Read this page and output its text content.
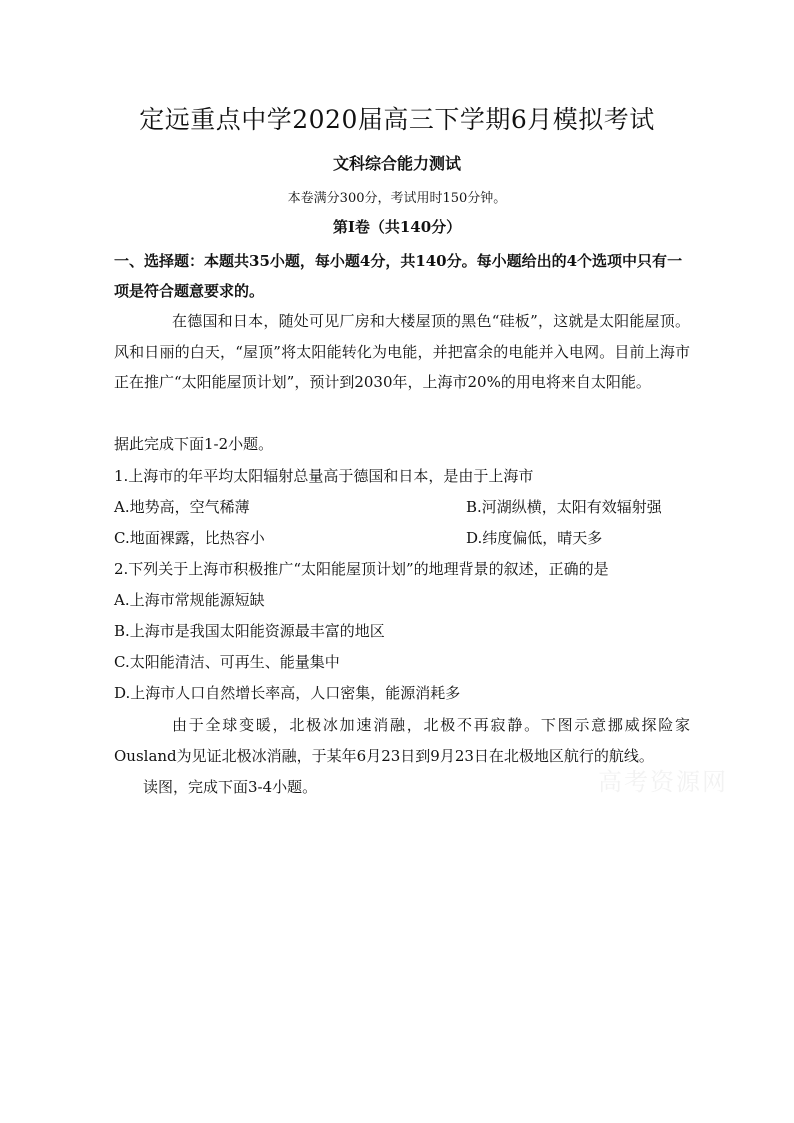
定远重点中学2020届高三下学期6月模拟考试
文科综合能力测试
本卷满分300分，考试用时150分钟。
第I卷（共140分）
一、选择题：本题共35小题，每小题4分，共140分。每小题给出的4个选项中只有一项是符合题意要求的。
在德国和日本，随处可见厂房和大楼屋顶的黑色“硅板”，这就是太阳能屋顶。风和日丽的白天，“屋顶”将太阳能转化为电能，并把富余的电能并入电网。目前上海市正在推广“太阳能屋顶计划”，预计到2030年，上海市20%的用电将来自太阳能。
据此完成下面1-2小题。
1.上海市的年平均太阳辐射总量高于德国和日本，是由于上海市
A.地势高，空气稀薄	B.河湖纵横，太阳有效辐射强
C.地面裸露，比热容小	D.纬度偏低，晴天多
2.下列关于上海市积极推广“太阳能屋顶计划”的地理背景的叙述，正确的是
A.上海市常规能源短缺
B.上海市是我国太阳能资源最丰富的地区
C.太阳能清洁、可再生、能量集中
D.上海市人口自然增长率高，人口密集，能源消耗多
由于全球变暖，北极冰加速消融，北极不再寂静。下图示意挪威探险家Ousland为见证北极冰消融，于某年6月23日到9月23日在北极地区航行的航线。
读图，完成下面3-4小题。	高考资源网
